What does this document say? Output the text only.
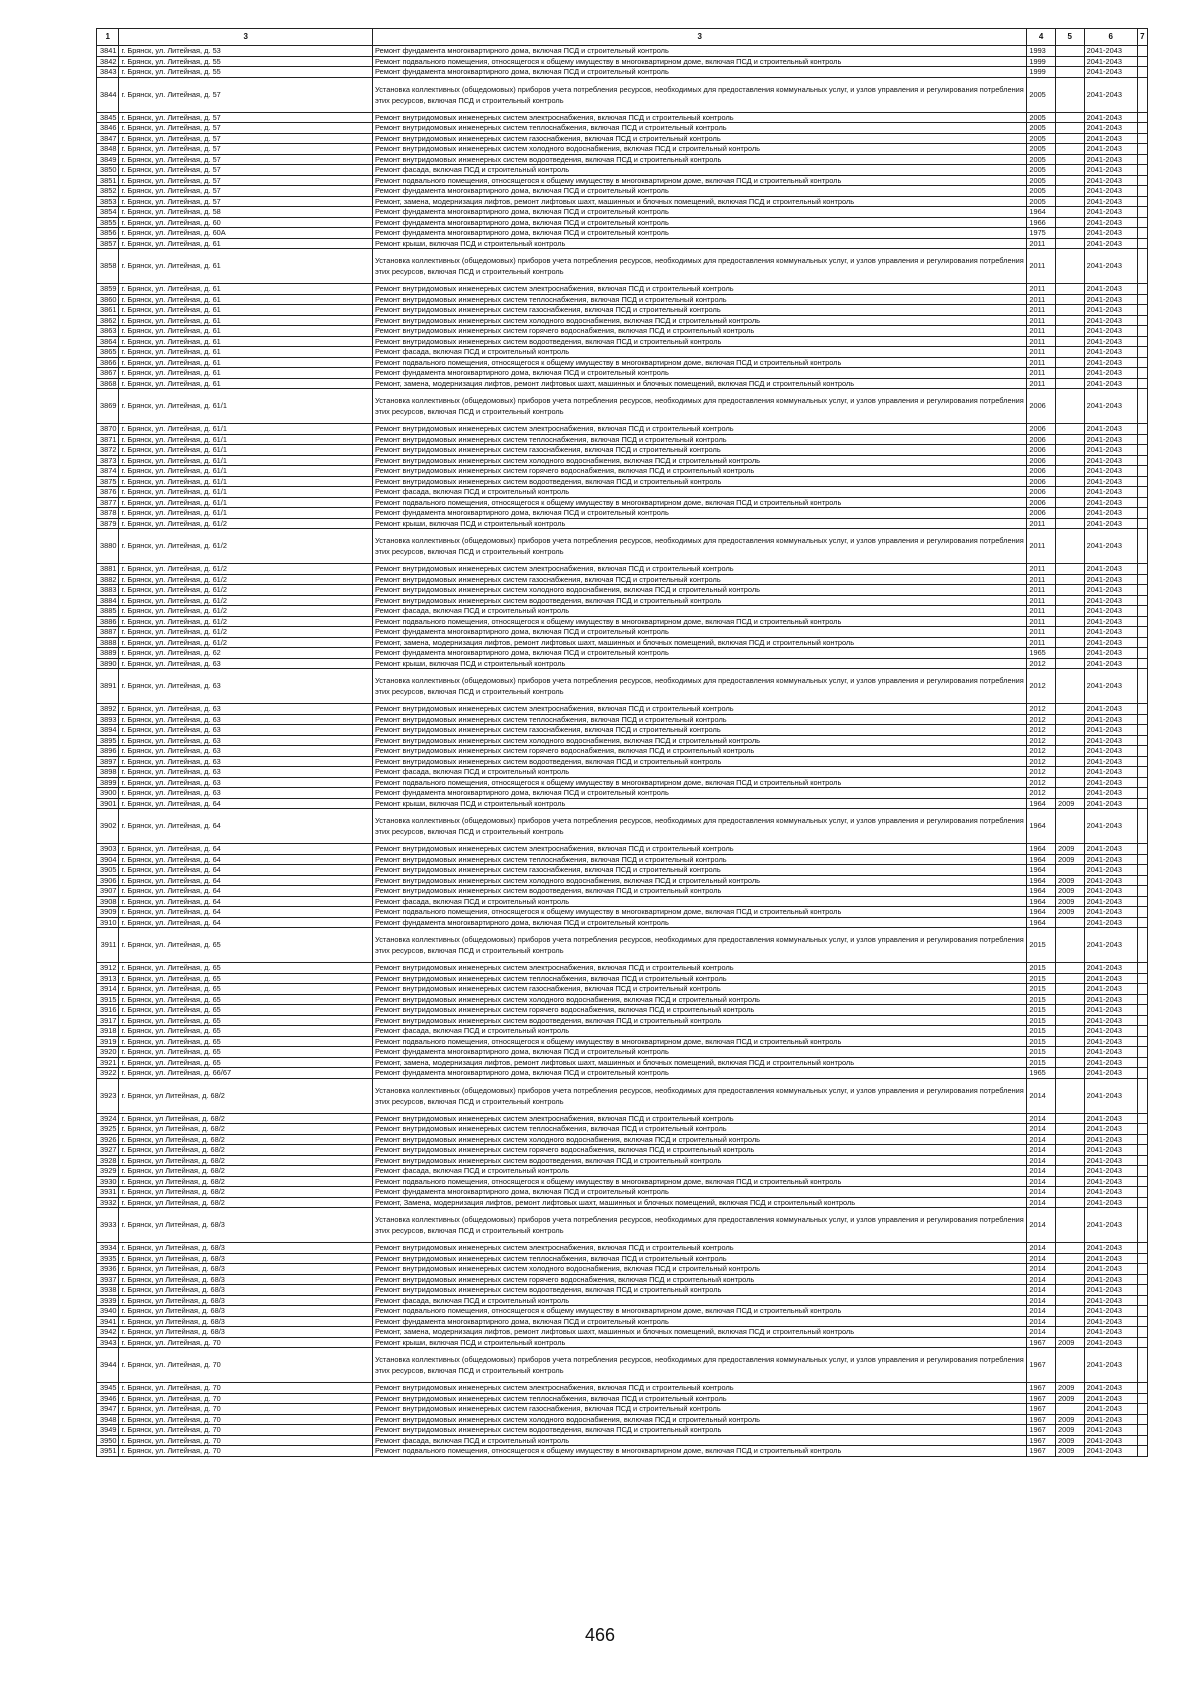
1	3	3	4	5	6	7
3841	г. Брянск, ул. Литейная, д. 53	Ремонт фундамента многоквартирного дома, включая ПСД и строительный контроль	1993		2041-2043	
3842	г. Брянск, ул. Литейная, д. 55	Ремонт подвального помещения, относящегося к общему имуществу в многоквартирном доме, включая ПСД и строительный контроль	1999		2041-2043	
3843	г. Брянск, ул. Литейная, д. 55	Ремонт фундамента многоквартирного дома, включая ПСД и строительный контроль	1999		2041-2043	
3844	г. Брянск, ул. Литейная, д. 57	Установка коллективных (общедомовых) приборов учета потребления ресурсов, необходимых для предоставления коммунальных услуг, и узлов управления и регулирования потребления этих ресурсов, включая ПСД и строительный контроль	2005		2041-2043	
3845	г. Брянск, ул. Литейная, д. 57	Ремонт внутридомовых инженерных систем электроснабжения, включая ПСД и строительный контроль	2005		2041-2043	
3846	г. Брянск, ул. Литейная, д. 57	Ремонт внутридомовых инженерных систем теплоснабжения, включая ПСД и строительный контроль	2005		2041-2043	
3847	г. Брянск, ул. Литейная, д. 57	Ремонт внутридомовых инженерных систем газоснабжения, включая ПСД и строительный контроль	2005		2041-2043	
3848	г. Брянск, ул. Литейная, д. 57	Ремонт внутридомовых инженерных систем холодного водоснабжения, включая ПСД и строительный контроль	2005		2041-2043	
3849	г. Брянск, ул. Литейная, д. 57	Ремонт внутридомовых инженерных систем водоотведения, включая ПСД и строительный контроль	2005		2041-2043	
3850	г. Брянск, ул. Литейная, д. 57	Ремонт фасада, включая ПСД и строительный контроль	2005		2041-2043	
3851	г. Брянск, ул. Литейная, д. 57	Ремонт подвального помещения, относящегося к общему имуществу в многоквартирном доме, включая ПСД и строительный контроль	2005		2041-2043	
3852	г. Брянск, ул. Литейная, д. 57	Ремонт фундамента многоквартирного дома, включая ПСД и строительный контроль	2005		2041-2043	
3853	г. Брянск, ул. Литейная, д. 57	Ремонт, замена, модернизация лифтов, ремонт лифтовых шахт, машинных и блочных помещений, включая ПСД и строительный контроль	2005		2041-2043	
3854	г. Брянск, ул. Литейная, д. 58	Ремонт фундамента многоквартирного дома, включая ПСД и строительный контроль	1964		2041-2043	
3855	г. Брянск, ул. Литейная, д. 60	Ремонт фундамента многоквартирного дома, включая ПСД и строительный контроль	1966		2041-2043	
3856	г. Брянск, ул. Литейная, д. 60А	Ремонт фундамента многоквартирного дома, включая ПСД и строительный контроль	1975		2041-2043	
3857	г. Брянск, ул. Литейная, д. 61	Ремонт крыши, включая ПСД и строительный контроль	2011		2041-2043	
3858	г. Брянск, ул. Литейная, д. 61	Установка коллективных (общедомовых) приборов учета потребления ресурсов, необходимых для предоставления коммунальных услуг, и узлов управления и регулирования потребления этих ресурсов, включая ПСД и строительный контроль	2011		2041-2043	
3859	г. Брянск, ул. Литейная, д. 61	Ремонт внутридомовых инженерных систем электроснабжения, включая ПСД и строительный контроль	2011		2041-2043	
3860	г. Брянск, ул. Литейная, д. 61	Ремонт внутридомовых инженерных систем теплоснабжения, включая ПСД и строительный контроль	2011		2041-2043	
3861	г. Брянск, ул. Литейная, д. 61	Ремонт внутридомовых инженерных систем газоснабжения, включая ПСД и строительный контроль	2011		2041-2043	
3862	г. Брянск, ул. Литейная, д. 61	Ремонт внутридомовых инженерных систем холодного водоснабжения, включая ПСД и строительный контроль	2011		2041-2043	
3863	г. Брянск, ул. Литейная, д. 61	Ремонт внутридомовых инженерных систем горячего водоснабжения, включая ПСД и строительный контроль	2011		2041-2043	
3864	г. Брянск, ул. Литейная, д. 61	Ремонт внутридомовых инженерных систем водоотведения, включая ПСД и строительный контроль	2011		2041-2043	
3865	г. Брянск, ул. Литейная, д. 61	Ремонт фасада, включая ПСД и строительный контроль	2011		2041-2043	
3866	г. Брянск, ул. Литейная, д. 61	Ремонт подвального помещения, относящегося к общему имуществу в многоквартирном доме, включая ПСД и строительный контроль	2011		2041-2043	
3867	г. Брянск, ул. Литейная, д. 61	Ремонт фундамента многоквартирного дома, включая ПСД и строительный контроль	2011		2041-2043	
3868	г. Брянск, ул. Литейная, д. 61	Ремонт, замена, модернизация лифтов, ремонт лифтовых шахт, машинных и блочных помещений, включая ПСД и строительный контроль	2011		2041-2043	
3869	г. Брянск, ул. Литейная, д. 61/1	Установка коллективных (общедомовых) приборов учета потребления ресурсов, необходимых для предоставления коммунальных услуг, и узлов управления и регулирования потребления этих ресурсов, включая ПСД и строительный контроль	2006		2041-2043	
3870	г. Брянск, ул. Литейная, д. 61/1	Ремонт внутридомовых инженерных систем электроснабжения, включая ПСД и строительный контроль	2006		2041-2043	
3871	г. Брянск, ул. Литейная, д. 61/1	Ремонт внутридомовых инженерных систем теплоснабжения, включая ПСД и строительный контроль	2006		2041-2043	
3872	г. Брянск, ул. Литейная, д. 61/1	Ремонт внутридомовых инженерных систем газоснабжения, включая ПСД и строительный контроль	2006		2041-2043	
3873	г. Брянск, ул. Литейная, д. 61/1	Ремонт внутридомовых инженерных систем холодного водоснабжения, включая ПСД и строительный контроль	2006		2041-2043	
3874	г. Брянск, ул. Литейная, д. 61/1	Ремонт внутридомовых инженерных систем горячего водоснабжения, включая ПСД и строительный контроль	2006		2041-2043	
3875	г. Брянск, ул. Литейная, д. 61/1	Ремонт внутридомовых инженерных систем водоотведения, включая ПСД и строительный контроль	2006		2041-2043	
3876	г. Брянск, ул. Литейная, д. 61/1	Ремонт фасада, включая ПСД и строительный контроль	2006		2041-2043	
3877	г. Брянск, ул. Литейная, д. 61/1	Ремонт подвального помещения, относящегося к общему имуществу в многоквартирном доме, включая ПСД и строительный контроль	2006		2041-2043	
3878	г. Брянск, ул. Литейная, д. 61/1	Ремонт фундамента многоквартирного дома, включая ПСД и строительный контроль	2006		2041-2043	
3879	г. Брянск, ул. Литейная, д. 61/2	Ремонт крыши, включая ПСД и строительный контроль	2011		2041-2043	
3880	г. Брянск, ул. Литейная, д. 61/2	Установка коллективных (общедомовых) приборов учета потребления ресурсов, необходимых для предоставления коммунальных услуг, и узлов управления и регулирования потребления этих ресурсов, включая ПСД и строительный контроль	2011		2041-2043	
3881	г. Брянск, ул. Литейная, д. 61/2	Ремонт внутридомовых инженерных систем электроснабжения, включая ПСД и строительный контроль	2011		2041-2043	
3882	г. Брянск, ул. Литейная, д. 61/2	Ремонт внутридомовых инженерных систем газоснабжения, включая ПСД и строительный контроль	2011		2041-2043	
3883	г. Брянск, ул. Литейная, д. 61/2	Ремонт внутридомовых инженерных систем холодного водоснабжения, включая ПСД и строительный контроль	2011		2041-2043	
3884	г. Брянск, ул. Литейная, д. 61/2	Ремонт внутридомовых инженерных систем водоотведения, включая ПСД и строительный контроль	2011		2041-2043	
3885	г. Брянск, ул. Литейная, д. 61/2	Ремонт фасада, включая ПСД и строительный контроль	2011		2041-2043	
3886	г. Брянск, ул. Литейная, д. 61/2	Ремонт подвального помещения, относящегося к общему имуществу в многоквартирном доме, включая ПСД и строительный контроль	2011		2041-2043	
3887	г. Брянск, ул. Литейная, д. 61/2	Ремонт фундамента многоквартирного дома, включая ПСД и строительный контроль	2011		2041-2043	
3888	г. Брянск, ул. Литейная, д. 61/2	Ремонт, замена, модернизация лифтов, ремонт лифтовых шахт, машинных и блочных помещений, включая ПСД и строительный контроль	2011		2041-2043	
3889	г. Брянск, ул. Литейная, д. 62	Ремонт фундамента многоквартирного дома, включая ПСД и строительный контроль	1965		2041-2043	
3890	г. Брянск, ул. Литейная, д. 63	Ремонт крыши, включая ПСД и строительный контроль	2012		2041-2043	
3891	г. Брянск, ул. Литейная, д. 63	Установка коллективных (общедомовых) приборов учета потребления ресурсов, необходимых для предоставления коммунальных услуг, и узлов управления и регулирования потребления этих ресурсов, включая ПСД и строительный контроль	2012		2041-2043	
3892	г. Брянск, ул. Литейная, д. 63	Ремонт внутридомовых инженерных систем электроснабжения, включая ПСД и строительный контроль	2012		2041-2043	
3893	г. Брянск, ул. Литейная, д. 63	Ремонт внутридомовых инженерных систем теплоснабжения, включая ПСД и строительный контроль	2012		2041-2043	
3894	г. Брянск, ул. Литейная, д. 63	Ремонт внутридомовых инженерных систем газоснабжения, включая ПСД и строительный контроль	2012		2041-2043	
3895	г. Брянск, ул. Литейная, д. 63	Ремонт внутридомовых инженерных систем холодного водоснабжения, включая ПСД и строительный контроль	2012		2041-2043	
3896	г. Брянск, ул. Литейная, д. 63	Ремонт внутридомовых инженерных систем горячего водоснабжения, включая ПСД и строительный контроль	2012		2041-2043	
3897	г. Брянск, ул. Литейная, д. 63	Ремонт внутридомовых инженерных систем водоотведения, включая ПСД и строительный контроль	2012		2041-2043	
3898	г. Брянск, ул. Литейная, д. 63	Ремонт фасада, включая ПСД и строительный контроль	2012		2041-2043	
3899	г. Брянск, ул. Литейная, д. 63	Ремонт подвального помещения, относящегося к общему имуществу в многоквартирном доме, включая ПСД и строительный контроль	2012		2041-2043	
3900	г. Брянск, ул. Литейная, д. 63	Ремонт фундамента многоквартирного дома, включая ПСД и строительный контроль	2012		2041-2043	
3901	г. Брянск, ул. Литейная, д. 64	Ремонт крыши, включая ПСД и строительный контроль	1964	2009	2041-2043	
3902	г. Брянск, ул. Литейная, д. 64	Установка коллективных (общедомовых) приборов учета потребления ресурсов, необходимых для предоставления коммунальных услуг, и узлов управления и регулирования потребления этих ресурсов, включая ПСД и строительный контроль	1964		2041-2043	
3903	г. Брянск, ул. Литейная, д. 64	Ремонт внутридомовых инженерных систем электроснабжения, включая ПСД и строительный контроль	1964	2009	2041-2043	
3904	г. Брянск, ул. Литейная, д. 64	Ремонт внутридомовых инженерных систем теплоснабжения, включая ПСД и строительный контроль	1964	2009	2041-2043	
3905	г. Брянск, ул. Литейная, д. 64	Ремонт внутридомовых инженерных систем газоснабжения, включая ПСД и строительный контроль	1964		2041-2043	
3906	г. Брянск, ул. Литейная, д. 64	Ремонт внутридомовых инженерных систем холодного водоснабжения, включая ПСД и строительный контроль	1964	2009	2041-2043	
3907	г. Брянск, ул. Литейная, д. 64	Ремонт внутридомовых инженерных систем водоотведения, включая ПСД и строительный контроль	1964	2009	2041-2043	
3908	г. Брянск, ул. Литейная, д. 64	Ремонт фасада, включая ПСД и строительный контроль	1964	2009	2041-2043	
3909	г. Брянск, ул. Литейная, д. 64	Ремонт подвального помещения, относящегося к общему имуществу в многоквартирном доме, включая ПСД и строительный контроль	1964	2009	2041-2043	
3910	г. Брянск, ул. Литейная, д. 64	Ремонт фундамента многоквартирного дома, включая ПСД и строительный контроль	1964		2041-2043	
3911	г. Брянск, ул. Литейная, д. 65	Установка коллективных (общедомовых) приборов учета потребления ресурсов, необходимых для предоставления коммунальных услуг, и узлов управления и регулирования потребления этих ресурсов, включая ПСД и строительный контроль	2015		2041-2043	
3912	г. Брянск, ул. Литейная, д. 65	Ремонт внутридомовых инженерных систем электроснабжения, включая ПСД и строительный контроль	2015		2041-2043	
3913	г. Брянск, ул. Литейная, д. 65	Ремонт внутридомовых инженерных систем теплоснабжения, включая ПСД и строительный контроль	2015		2041-2043	
3914	г. Брянск, ул. Литейная, д. 65	Ремонт внутридомовых инженерных систем газоснабжения, включая ПСД и строительный контроль	2015		2041-2043	
3915	г. Брянск, ул. Литейная, д. 65	Ремонт внутридомовых инженерных систем холодного водоснабжения, включая ПСД и строительный контроль	2015		2041-2043	
3916	г. Брянск, ул. Литейная, д. 65	Ремонт внутридомовых инженерных систем горячего водоснабжения, включая ПСД и строительный контроль	2015		2041-2043	
3917	г. Брянск, ул. Литейная, д. 65	Ремонт внутридомовых инженерных систем водоотведения, включая ПСД и строительный контроль	2015		2041-2043	
3918	г. Брянск, ул. Литейная, д. 65	Ремонт фасада, включая ПСД и строительный контроль	2015		2041-2043	
3919	г. Брянск, ул. Литейная, д. 65	Ремонт подвального помещения, относящегося к общему имуществу в многоквартирном доме, включая ПСД и строительный контроль	2015		2041-2043	
3920	г. Брянск, ул. Литейная, д. 65	Ремонт фундамента многоквартирного дома, включая ПСД и строительный контроль	2015		2041-2043	
3921	г. Брянск, ул. Литейная, д. 65	Ремонт, замена, модернизация лифтов, ремонт лифтовых шахт, машинных и блочных помещений, включая ПСД и строительный контроль	2015		2041-2043	
3922	г. Брянск, ул. Литейная, д. 66/67	Ремонт фундамента многоквартирного дома, включая ПСД и строительный контроль	1965		2041-2043	
3923	г. Брянск, ул Литейная, д. 68/2	Установка коллективных (общедомовых) приборов учета потребления ресурсов, необходимых для предоставления коммунальных услуг, и узлов управления и регулирования потребления этих ресурсов, включая ПСД и строительный контроль	2014		2041-2043	
3924	г. Брянск, ул Литейная, д. 68/2	Ремонт внутридомовых инженерных систем электроснабжения, включая ПСД и строительный контроль	2014		2041-2043	
3925	г. Брянск, ул Литейная, д. 68/2	Ремонт внутридомовых инженерных систем теплоснабжения, включая ПСД и строительный контроль	2014		2041-2043	
3926	г. Брянск, ул Литейная, д. 68/2	Ремонт внутридомовых инженерных систем холодного водоснабжения, включая ПСД и строительный контроль	2014		2041-2043	
3927	г. Брянск, ул Литейная, д. 68/2	Ремонт внутридомовых инженерных систем горячего водоснабжения, включая ПСД и строительный контроль	2014		2041-2043	
3928	г. Брянск, ул Литейная, д. 68/2	Ремонт внутридомовых инженерных систем водоотведения, включая ПСД и строительный контроль	2014		2041-2043	
3929	г. Брянск, ул Литейная, д. 68/2	Ремонт фасада, включая ПСД и строительный контроль	2014		2041-2043	
3930	г. Брянск, ул Литейная, д. 68/2	Ремонт подвального помещения, относящегося к общему имуществу в многоквартирном доме, включая ПСД и строительный контроль	2014		2041-2043	
3931	г. Брянск, ул Литейная, д. 68/2	Ремонт фундамента многоквартирного дома, включая ПСД и строительный контроль	2014		2041-2043	
3932	г. Брянск, ул Литейная, д. 68/2	Ремонт, Замена, модернизация лифтов, ремонт лифтовых шахт, машинных и блочных помещений, включая ПСД и строительный контроль	2014		2041-2043	
3933	г. Брянск, ул Литейная, д. 68/3	Установка коллективных (общедомовых) приборов учета потребления ресурсов, необходимых для предоставления коммунальных услуг, и узлов управления и регулирования потребления этих ресурсов, включая ПСД и строительный контроль	2014		2041-2043	
3934	г. Брянск, ул Литейная, д. 68/3	Ремонт внутридомовых инженерных систем электроснабжения, включая ПСД и строительный контроль	2014		2041-2043	
3935	г. Брянск, ул Литейная, д. 68/3	Ремонт внутридомовых инженерных систем теплоснабжения, включая ПСД и строительный контроль	2014		2041-2043	
3936	г. Брянск, ул Литейная, д. 68/3	Ремонт внутридомовых инженерных систем холодного водоснабжения, включая ПСД и строительный контроль	2014		2041-2043	
3937	г. Брянск, ул Литейная, д. 68/3	Ремонт внутридомовых инженерных систем горячего водоснабжения, включая ПСД и строительный контроль	2014		2041-2043	
3938	г. Брянск, ул Литейная, д. 68/3	Ремонт внутридомовых инженерных систем водоотведения, включая ПСД и строительный контроль	2014		2041-2043	
3939	г. Брянск, ул Литейная, д. 68/3	Ремонт фасада, включая ПСД и строительный контроль	2014		2041-2043	
3940	г. Брянск, ул Литейная, д. 68/3	Ремонт подвального помещения, относящегося к общему имуществу в многоквартирном доме, включая ПСД и строительный контроль	2014		2041-2043	
3941	г. Брянск, ул Литейная, д. 68/3	Ремонт фундамента многоквартирного дома, включая ПСД и строительный контроль	2014		2041-2043	
3942	г. Брянск, ул Литейная, д. 68/3	Ремонт, замена, модернизация лифтов, ремонт лифтовых шахт, машинных и блочных помещений, включая ПСД и строительный контроль	2014		2041-2043	
3943	г. Брянск, ул. Литейная, д. 70	Ремонт крыши, включая ПСД и строительный контроль	1967	2009	2041-2043	
3944	г. Брянск, ул. Литейная, д. 70	Установка коллективных (общедомовых) приборов учета потребления ресурсов, необходимых для предоставления коммунальных услуг, и узлов управления и регулирования потребления этих ресурсов, включая ПСД и строительный контроль	1967		2041-2043	
3945	г. Брянск, ул. Литейная, д. 70	Ремонт внутридомовых инженерных систем электроснабжения, включая ПСД и строительный контроль	1967	2009	2041-2043	
3946	г. Брянск, ул. Литейная, д. 70	Ремонт внутридомовых инженерных систем теплоснабжения, включая ПСД и строительный контроль	1967	2009	2041-2043	
3947	г. Брянск, ул. Литейная, д. 70	Ремонт внутридомовых инженерных систем газоснабжения, включая ПСД и строительный контроль	1967		2041-2043	
3948	г. Брянск, ул. Литейная, д. 70	Ремонт внутридомовых инженерных систем холодного водоснабжения, включая ПСД и строительный контроль	1967	2009	2041-2043	
3949	г. Брянск, ул. Литейная, д. 70	Ремонт внутридомовых инженерных систем водоотведения, включая ПСД и строительный контроль	1967	2009	2041-2043	
3950	г. Брянск, ул. Литейная, д. 70	Ремонт фасада, включая ПСД и строительный контроль	1967	2009	2041-2043	
3951	г. Брянск, ул. Литейная, д. 70	Ремонт подвального помещения, относящегося к общему имуществу в многоквартирном доме, включая ПСД и строительный контроль	1967	2009	2041-2043	
466
